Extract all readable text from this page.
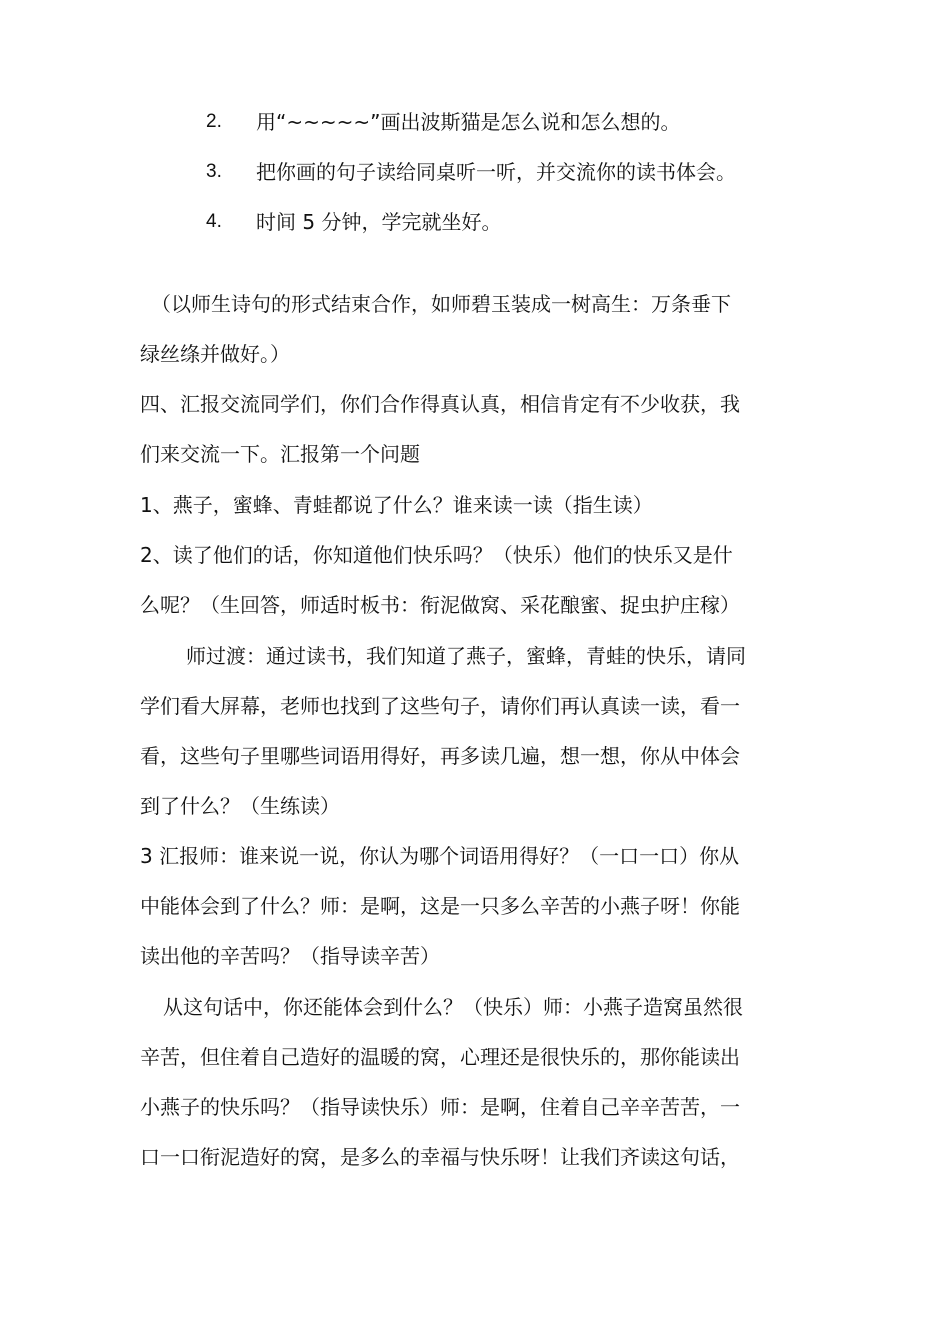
2. 用“~~~~~”画出波斯猫是怎么说和怎么想的。
3. 把你画的句子读给同桌听一听，并交流你的读书体会。
4. 时间 5 分钟，学完就坐好。
（以师生诗句的形式结束合作，如师碧玉装成一树高生：万条垂下
绿丝绦并做好。）
四、汇报交流同学们，你们合作得真认真，相信肯定有不少收获，我
们来交流一下。汇报第一个问题
1、燕子，蜜蜂、青蛙都说了什么？谁来读一读（指生读）
2、读了他们的话，你知道他们快乐吗？（快乐）他们的快乐又是什
么呢？（生回答，师适时板书：衔泥做窝、采花酿蜜、捉虫护庄稼）
师过渡：通过读书，我们知道了燕子，蜜蜂，青蛙的快乐，请同
学们看大屏幕，老师也找到了这些句子，请你们再认真读一读，看一
看，这些句子里哪些词语用得好，再多读几遍，想一想，你从中体会
到了什么？（生练读）
3 汇报师：谁来说一说，你认为哪个词语用得好？（一口一口）你从
中能体会到了什么？师：是啊，这是一只多么辛苦的小燕子呀！你能
读出他的辛苦吗？（指导读辛苦）
从这句话中，你还能体会到什么？（快乐）师：小燕子造窝虽然很
辛苦，但住着自己造好的温暖的窝，心理还是很快乐的，那你能读出
小燕子的快乐吗？（指导读快乐）师：是啊，住着自己辛辛苦苦，一
口一口衔泥造好的窝，是多么的幸福与快乐呀！让我们齐读这句话，
